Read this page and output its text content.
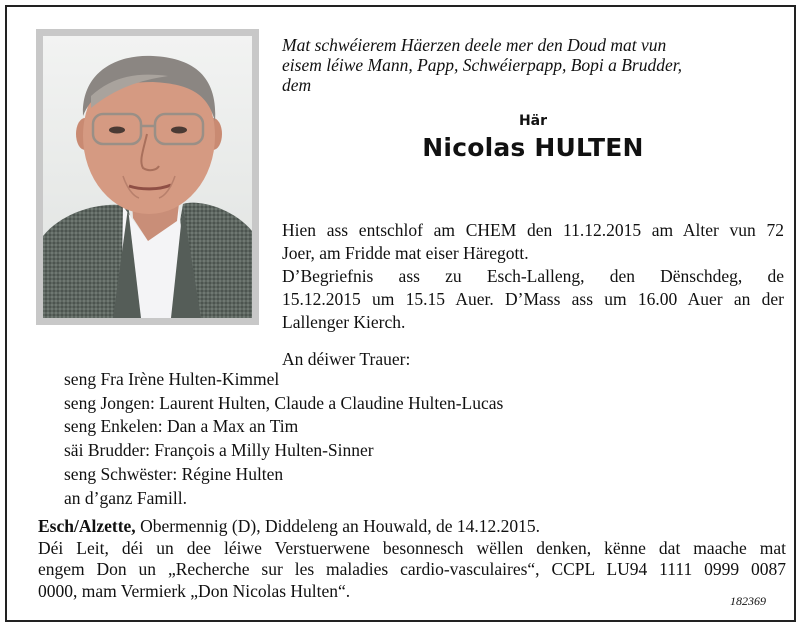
Mat schwéierem Häerzen deele mer den Doud mat vun
eisem léiwe Mann, Papp, Schwéierpapp, Bopi a Brudder,
dem
Här
Nicolas HULTEN
Hien ass entschlof am CHEM den 11.12.2015 am Alter vun 72
Joer, am Fridde mat eiser Häregott.
D’Begriefnis ass zu Esch-Lalleng, den Dënschdeg, de
15.12.2015 um 15.15 Auer. D’Mass ass um 16.00 Auer an der
Lallenger Kierch.
An déiwer Trauer:
seng Fra Irène Hulten-Kimmel
seng Jongen: Laurent Hulten, Claude a Claudine Hulten-Lucas
seng Enkelen: Dan a Max an Tim
säi Brudder: François a Milly Hulten-Sinner
seng Schwëster: Régine Hulten
an d’ganz Famill.
Esch/Alzette, Obermennig (D), Diddeleng an Houwald, de 14.12.2015.
Déi Leit, déi un dee léiwe Verstuerwene besonnesch wëllen denken, kënne dat maache mat
engem Don un „Recherche sur les maladies cardio-vasculaires“, CCPL LU94 1111 0999 0087
0000, mam Vermierk „Don Nicolas Hulten“.
182369
